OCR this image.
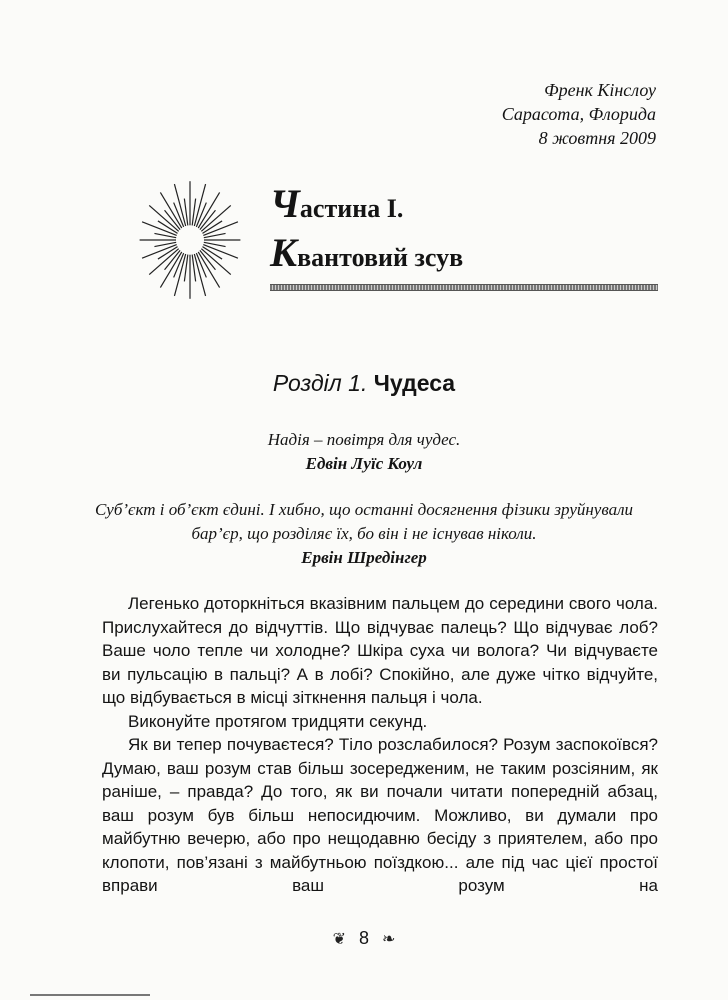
Френк Кінслоу
Сарасота, Флорида
8 жовтня 2009
Частина І.
Квантовий зсув
Розділ 1. Чудеса
Надія – повітря для чудес.
Едвін Луїс Коул
Суб’єкт і об’єкт єдині. І хибно, що останні досягнення фізики зруйнували бар’єр, що розділяє їх, бо він і не існував ніколи.
Ервін Шредінгер

Легенько доторкніться вказівним пальцем до середини свого чола. Прислухайтеся до відчуттів. Що відчуває палець? Що відчуває лоб? Ваше чоло тепле чи холодне? Шкіра суха чи волога? Чи відчуваєте ви пульсацію в пальці? А в лобі? Спокійно, але дуже чітко відчуйте, що відбувається в місці зіткнення пальця і чола.

Виконуйте протягом тридцяти секунд.

Як ви тепер почуваєтеся? Тіло розслабилося? Розум заспокоївся? Думаю, ваш розум став більш зосередженим, не таким розсіяним, як раніше, – правда? До того, як ви почали читати попередній абзац, ваш розум був більш непосидючим. Можливо, ви думали про майбутню вечерю, або про нещодавню бесіду з приятелем, або про клопоти, пов’язані з майбутньою поїздкою... але під час цієї простої вправи ваш розум на

❦ 8 ❧
